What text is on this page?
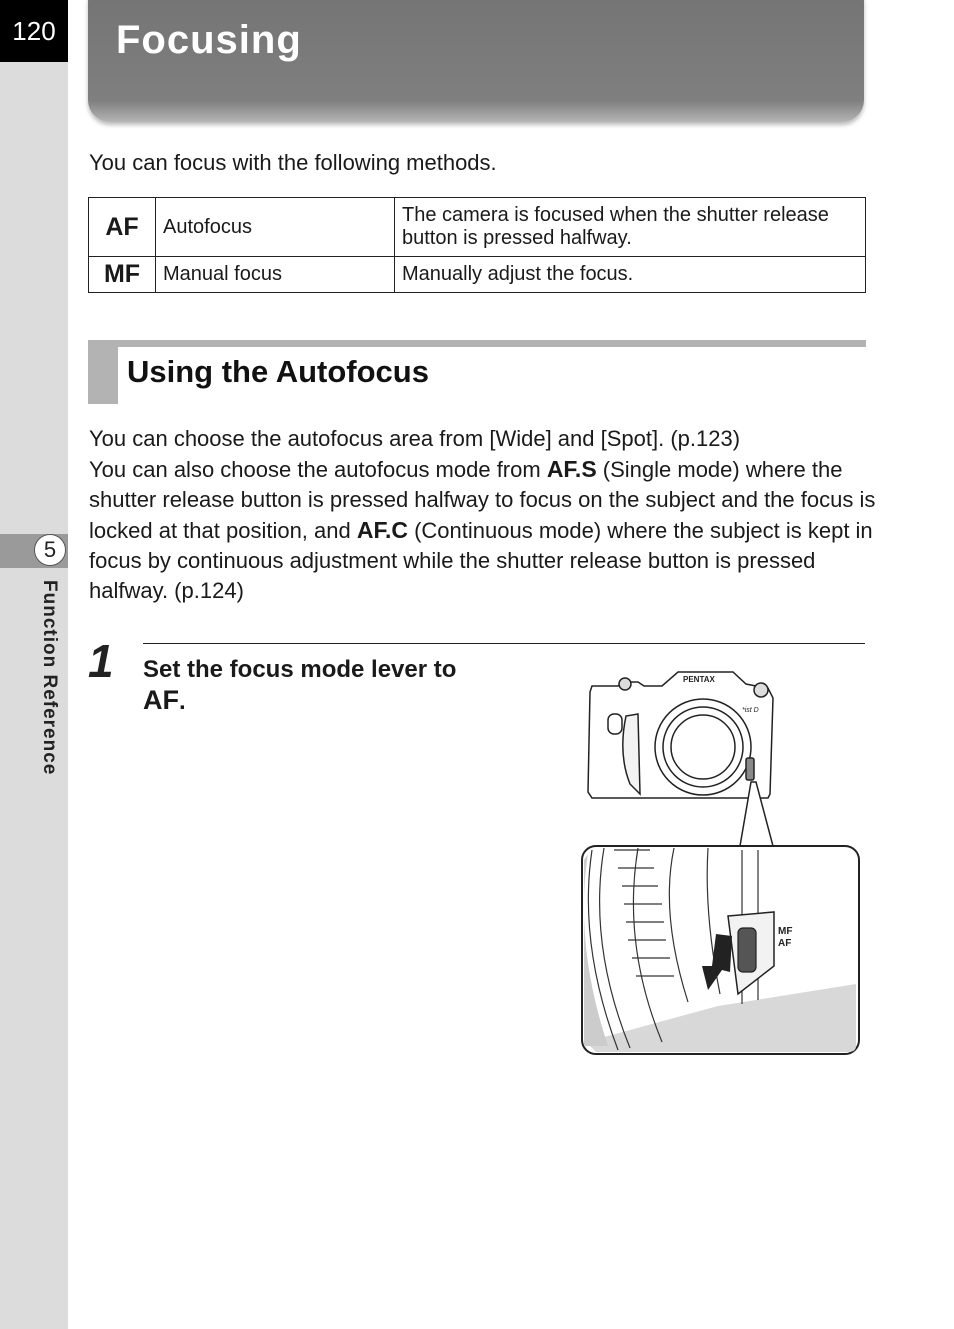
120
5
Function Reference
Focusing
You can focus with the following methods.
AF	Autofocus	The camera is focused when the shutter release button is pressed halfway.
MF	Manual focus	Manually adjust the focus.
Using the Autofocus

You can choose the autofocus area from [Wide] and [Spot]. (p.123)

You can also choose the autofocus mode from AF.S (Single mode) where the shutter release button is pressed halfway to focus on the subject and the focus is locked at that position, and AF.C (Continuous mode) where the subject is kept in focus by continuous adjustment while the shutter release button is pressed halfway. (p.124)

1 Set the focus mode lever to
AF.
PENTAX
*ist D
MF
AF
